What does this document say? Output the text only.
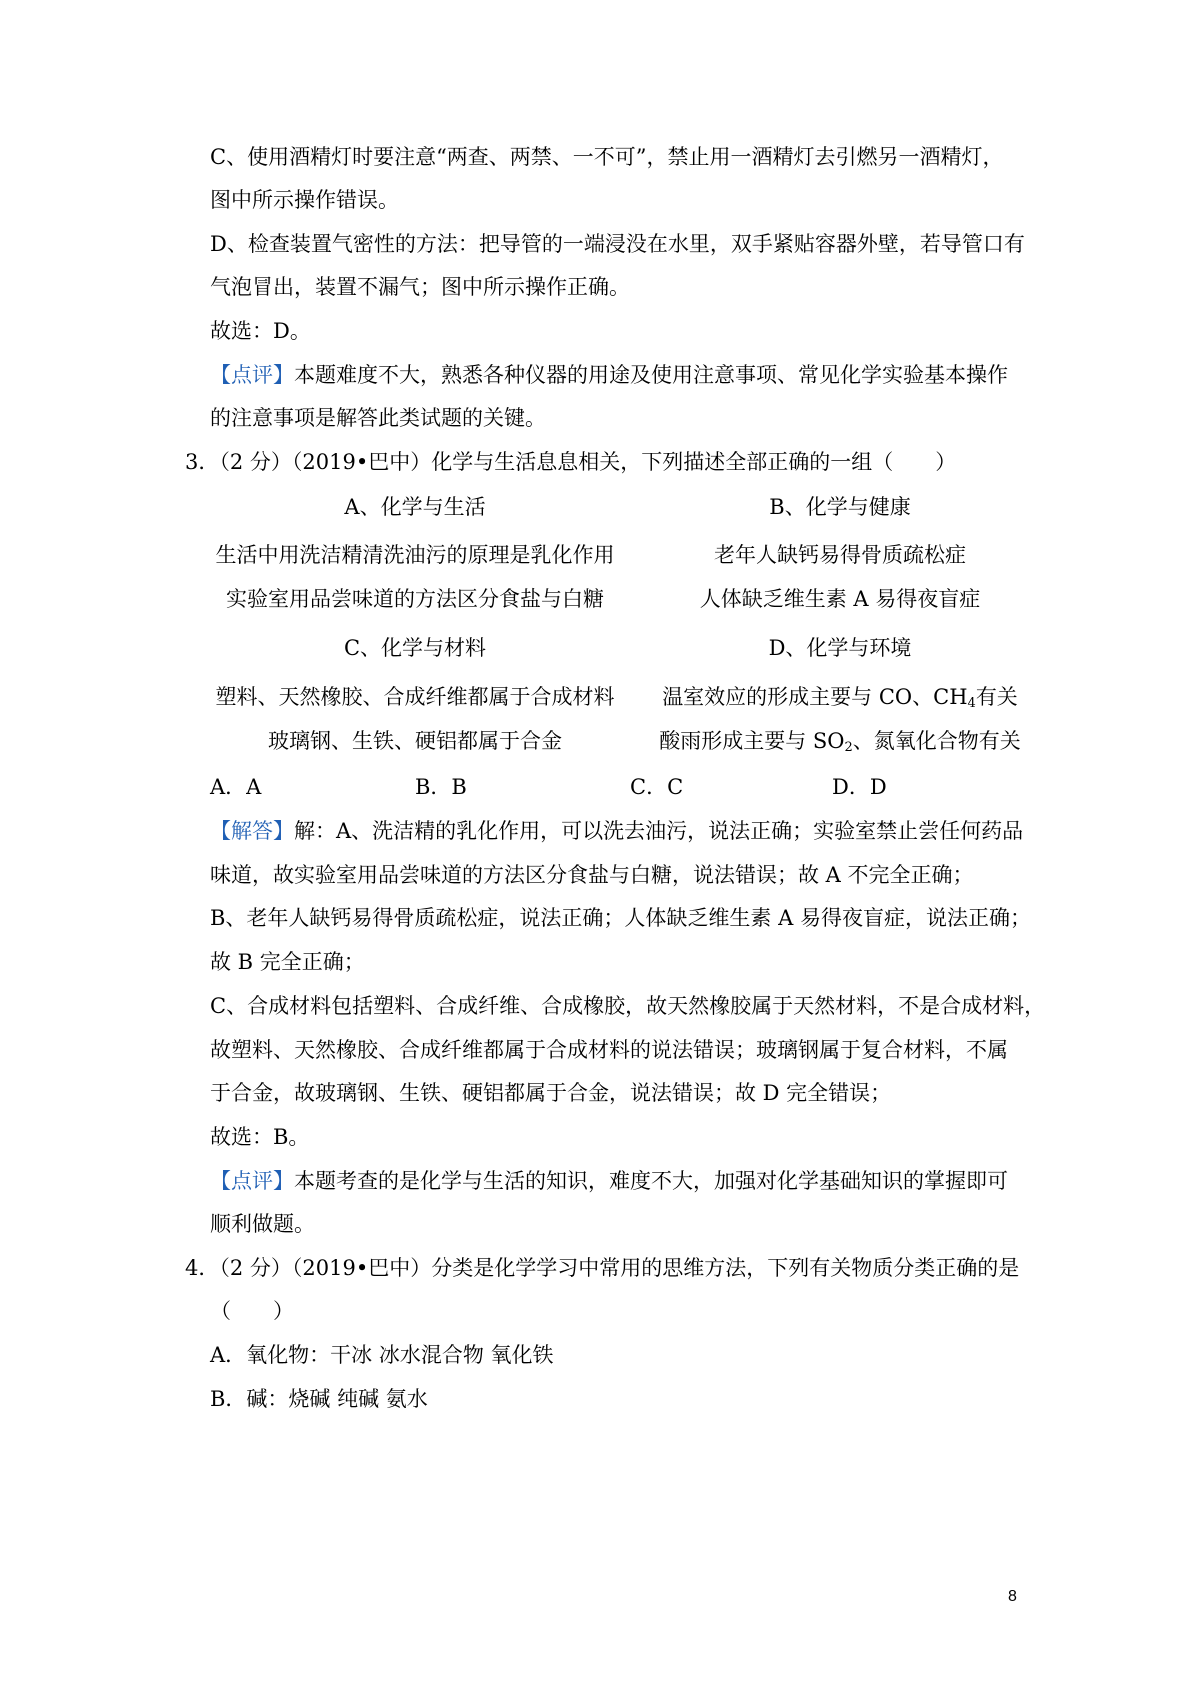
C、使用酒精灯时要注意“两查、两禁、一不可”，禁止用一酒精灯去引燃另一酒精灯，
图中所示操作错误。
D、检查装置气密性的方法：把导管的一端浸没在水里，双手紧贴容器外壁，若导管口有
气泡冒出，装置不漏气；图中所示操作正确。
故选：D。
【点评】本题难度不大，熟悉各种仪器的用途及使用注意事项、常见化学实验基本操作
的注意事项是解答此类试题的关键。
3．（2 分）（2019•巴中）化学与生活息息相关，下列描述全部正确的一组（　　）
A、化学与生活	B、化学与健康
生活中用洗洁精清洗油污的原理是乳化作用	老年人缺钙易得骨质疏松症
实验室用品尝味道的方法区分食盐与白糖	人体缺乏维生素 A 易得夜盲症
C、化学与材料	D、化学与环境
塑料、天然橡胶、合成纤维都属于合成材料	温室效应的形成主要与 CO、$CH_4$有关
玻璃钢、生铁、硬铝都属于合金	酸雨形成主要与 $SO_2$、氮氧化合物有关
A．A	B．B	C．C	D．D
【解答】解：A、洗洁精的乳化作用，可以洗去油污，说法正确；实验室禁止尝任何药品
味道，故实验室用品尝味道的方法区分食盐与白糖，说法错误；故 A 不完全正确；
B、老年人缺钙易得骨质疏松症，说法正确；人体缺乏维生素 A 易得夜盲症，说法正确；
故 B 完全正确；
C、合成材料包括塑料、合成纤维、合成橡胶，故天然橡胶属于天然材料，不是合成材料，
故塑料、天然橡胶、合成纤维都属于合成材料的说法错误；玻璃钢属于复合材料，不属
于合金，故玻璃钢、生铁、硬铝都属于合金，说法错误；故 D 完全错误；
故选：B。
【点评】本题考查的是化学与生活的知识，难度不大，加强对化学基础知识的掌握即可
顺利做题。
4．（2 分）（2019•巴中）分类是化学学习中常用的思维方法，下列有关物质分类正确的是
（　　）
A．氧化物：干冰 冰水混合物 氧化铁
B．碱：烧碱 纯碱 氨水
8
